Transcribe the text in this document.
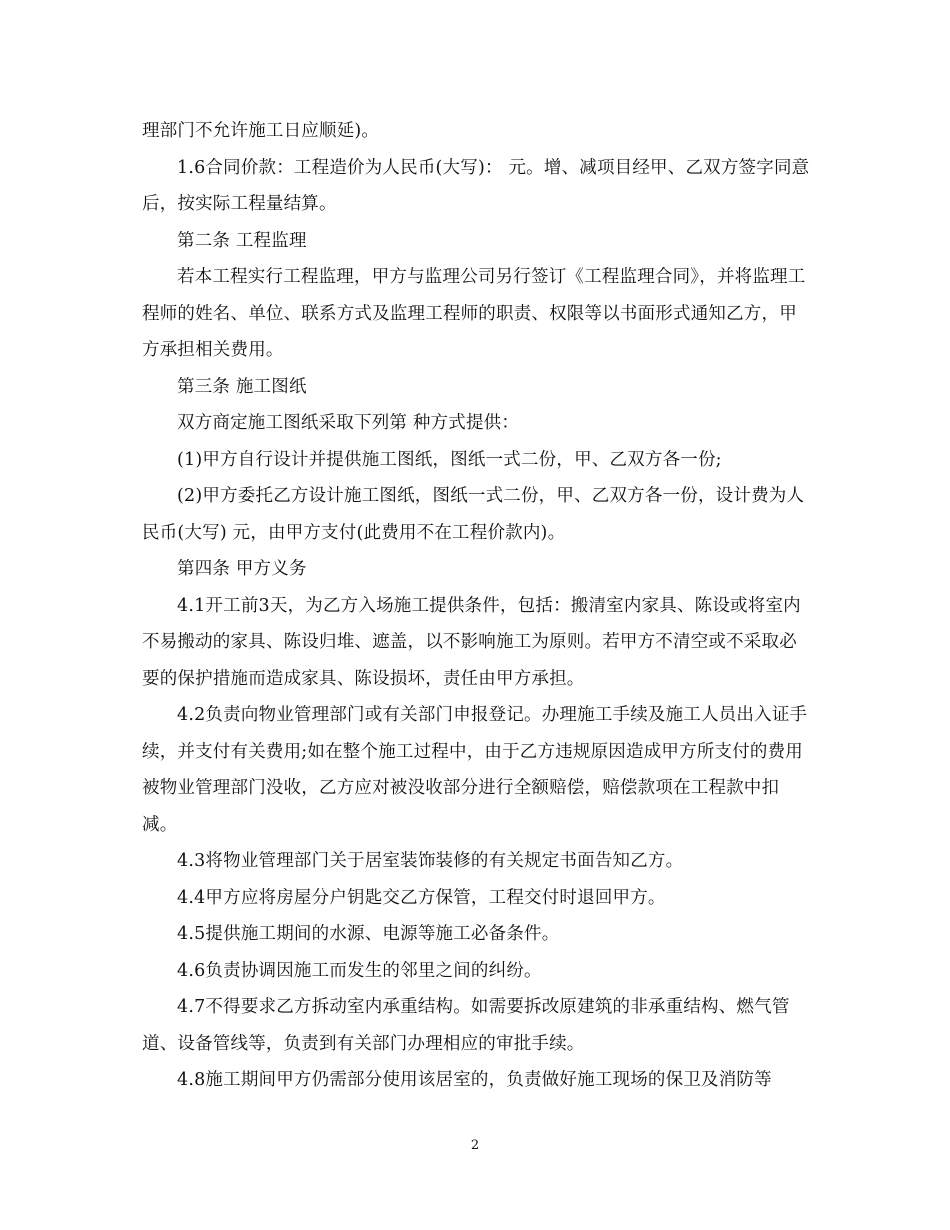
理部门不允许施工日应顺延)。

1.6合同价款：工程造价为人民币(大写)： 元。增、减项目经甲、乙双方签字同意后，按实际工程量结算。

第二条 工程监理

若本工程实行工程监理，甲方与监理公司另行签订《工程监理合同》，并将监理工程师的姓名、单位、联系方式及监理工程师的职责、权限等以书面形式通知乙方，甲方承担相关费用。

第三条 施工图纸

双方商定施工图纸采取下列第 种方式提供：

(1)甲方自行设计并提供施工图纸，图纸一式二份，甲、乙双方各一份;

(2)甲方委托乙方设计施工图纸，图纸一式二份，甲、乙双方各一份，设计费为人民币(大写) 元，由甲方支付(此费用不在工程价款内)。

第四条 甲方义务

4.1开工前3天，为乙方入场施工提供条件，包括：搬清室内家具、陈设或将室内不易搬动的家具、陈设归堆、遮盖，以不影响施工为原则。若甲方不清空或不采取必要的保护措施而造成家具、陈设损坏，责任由甲方承担。

4.2负责向物业管理部门或有关部门申报登记。办理施工手续及施工人员出入证手续，并支付有关费用;如在整个施工过程中，由于乙方违规原因造成甲方所支付的费用被物业管理部门没收，乙方应对被没收部分进行全额赔偿，赔偿款项在工程款中扣减。

4.3将物业管理部门关于居室装饰装修的有关规定书面告知乙方。

4.4甲方应将房屋分户钥匙交乙方保管，工程交付时退回甲方。

4.5提供施工期间的水源、电源等施工必备条件。

4.6负责协调因施工而发生的邻里之间的纠纷。

4.7不得要求乙方拆动室内承重结构。如需要拆改原建筑的非承重结构、燃气管道、设备管线等，负责到有关部门办理相应的审批手续。

4.8施工期间甲方仍需部分使用该居室的，负责做好施工现场的保卫及消防等

2
